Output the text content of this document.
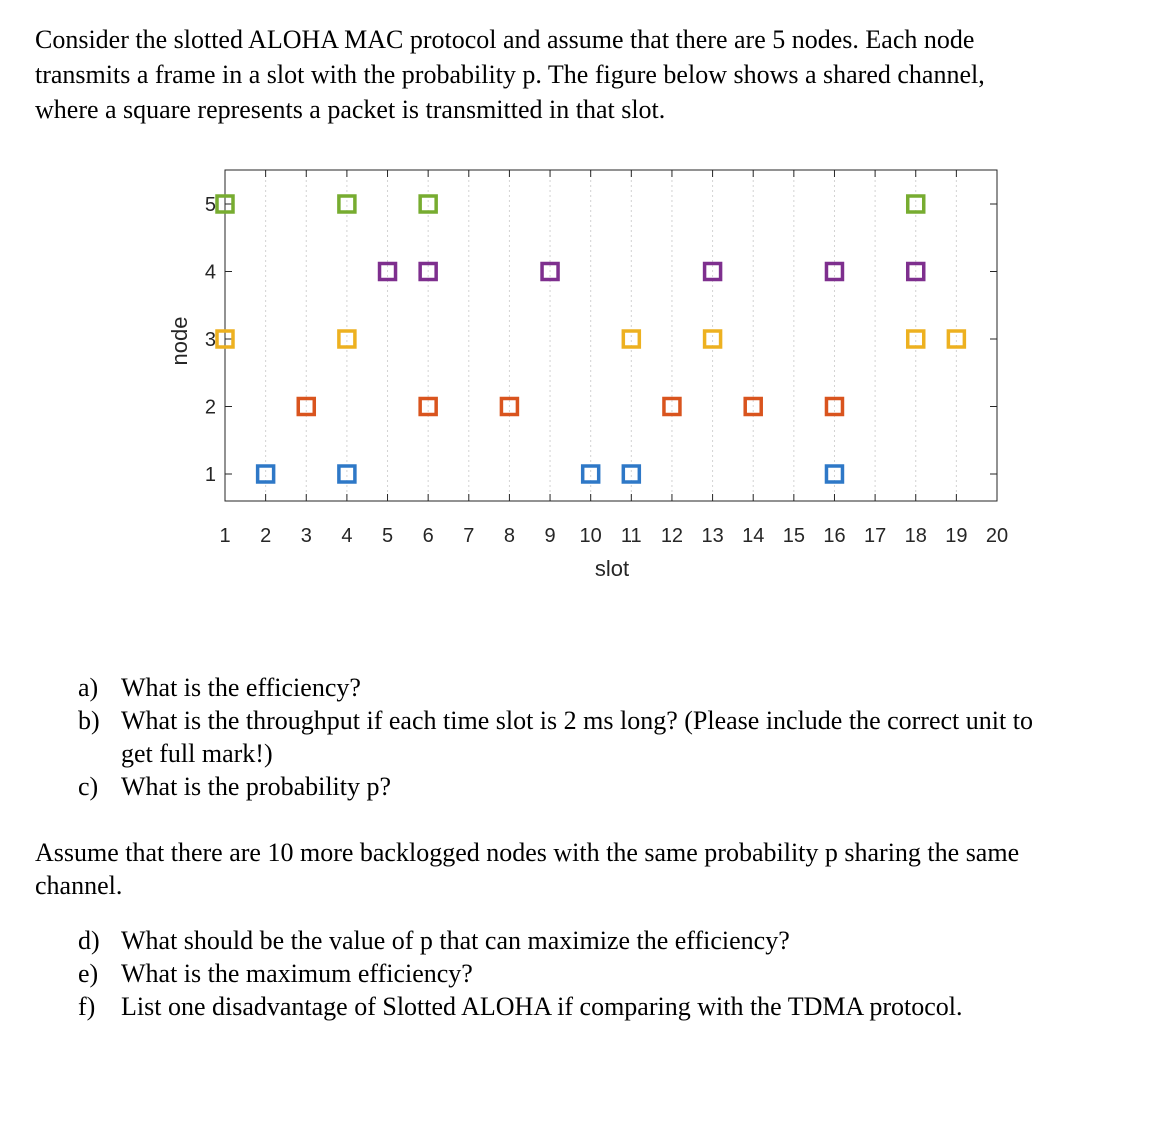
Consider the slotted ALOHA MAC protocol and assume that there are 5 nodes. Each node
transmits a frame in a slot with the probability p. The figure below shows a shared channel,
where a square represents a packet is transmitted in that slot.
1 2 3 4 5 6 7 8 9 10 11 12 13 14 15 16 17 18 19 20
1
2
3
4
5
slot
node
a) What is the efficiency?
b) What is the throughput if each time slot is 2 ms long? (Please include the correct unit to
get full mark!)
c) What is the probability p?
Assume that there are 10 more backlogged nodes with the same probability p sharing the same
channel.
d) What should be the value of p that can maximize the efficiency?
e) What is the maximum efficiency?
f) List one disadvantage of Slotted ALOHA if comparing with the TDMA protocol.
